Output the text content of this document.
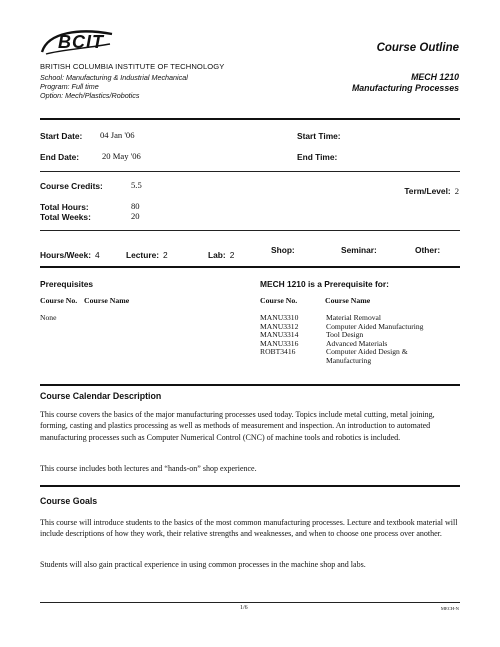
BCIT
BRITISH COLUMBIA INSTITUTE OF TECHNOLOGY
School: Manufacturing & Industrial Mechanical
Program: Full time
Option: Mech/Plastics/Robotics
Course Outline
MECH 1210
Manufacturing Processes
Start Date: 04 Jan '06	Start Time:
End Date:	20 May '06	End Time:
Course Credits:	5.5
Term/Level: 2
Total Hours:	80
Total Weeks:	20
Hours/Week: 4	Lecture: 2	Lab: 2	Shop:	Seminar:	Other:
Prerequisites
Course No. Course Name
None
MECH 1210 is a Prerequisite for:
Course No.	Course Name
MANU3310	Material Removal
MANU3312	Computer Aided Manufacturing
MANU3314	Tool Design
MANU3316	Advanced Materials
ROBT3416	Computer Aided Design & Manufacturing
Course Calendar Description
This course covers the basics of the major manufacturing processes used today. Topics include metal cutting, metal joining, forming, casting and plastics processing as well as methods of measurement and inspection. An introduction to automated manufacturing processes such as Computer Numerical Control (CNC) of machine tools and robotics is included.
This course includes both lectures and “hands-on” shop experience.
Course Goals
This course will introduce students to the basics of the most common manufacturing processes. Lecture and textbook material will include descriptions of how they work, their relative strengths and weaknesses, and when to choose one process over another.
Students will also gain practical experience in using common processes in the machine shop and labs.
1/6	MECH-N
